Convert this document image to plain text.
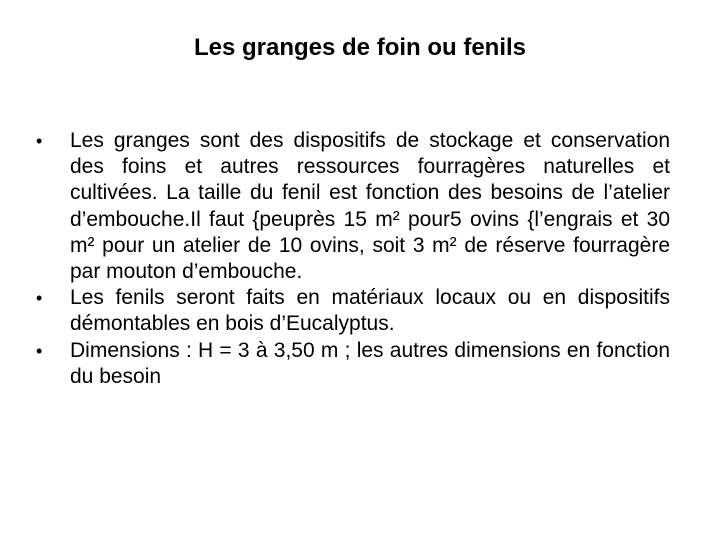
Les granges de foin ou fenils
•	Les granges sont des dispositifs de stockage et conservation des foins et autres ressources fourragères naturelles et cultivées. La taille du fenil est fonction des besoins de l’atelier d’embouche.Il faut {peuprès 15 m² pour5 ovins {l’engrais et 30 m² pour un atelier de 10 ovins, soit 3 m² de réserve fourragère par mouton d’embouche.
•	Les fenils seront faits en matériaux locaux ou en dispositifs démontables en bois d’Eucalyptus.
•	Dimensions : H = 3 à 3,50 m ; les autres dimensions en fonction du besoin
